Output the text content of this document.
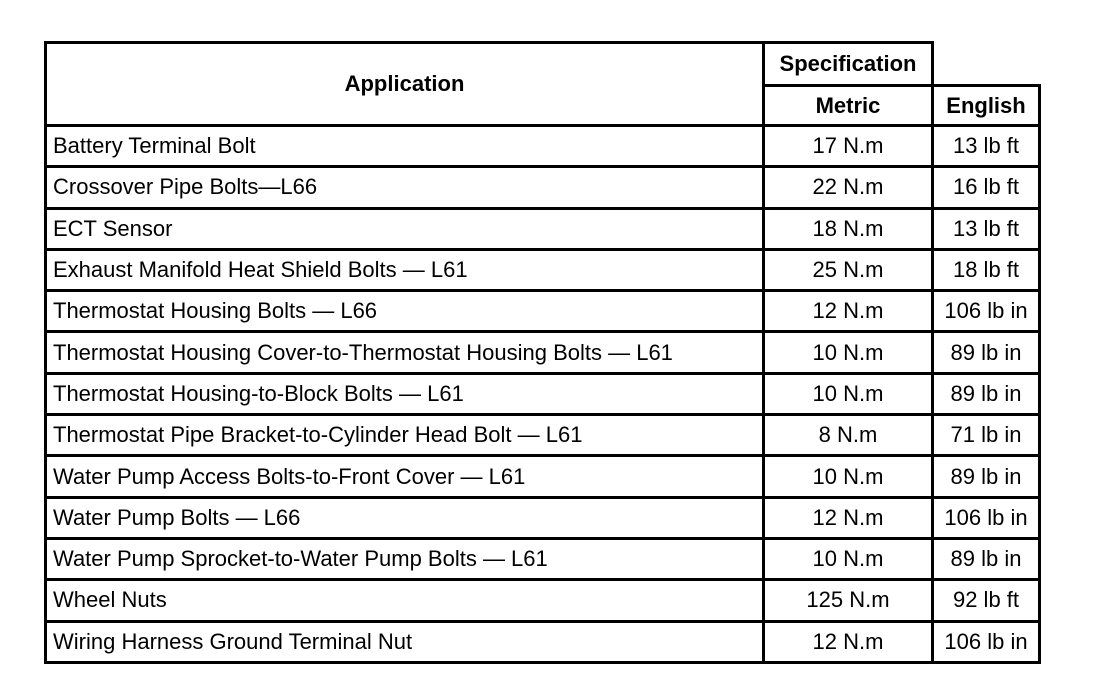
Application	Specification	
	Metric	English
Battery Terminal Bolt	17 N.m	13 lb ft
Crossover Pipe Bolts—L66	22 N.m	16 lb ft
ECT Sensor	18 N.m	13 lb ft
Exhaust Manifold Heat Shield Bolts — L61	25 N.m	18 lb ft
Thermostat Housing Bolts — L66	12 N.m	106 lb in
Thermostat Housing Cover-to-Thermostat Housing Bolts — L61	10 N.m	89 lb in
Thermostat Housing-to-Block Bolts — L61	10 N.m	89 lb in
Thermostat Pipe Bracket-to-Cylinder Head Bolt — L61	8 N.m	71 lb in
Water Pump Access Bolts-to-Front Cover — L61	10 N.m	89 lb in
Water Pump Bolts — L66	12 N.m	106 lb in
Water Pump Sprocket-to-Water Pump Bolts — L61	10 N.m	89 lb in
Wheel Nuts	125 N.m	92 lb ft
Wiring Harness Ground Terminal Nut	12 N.m	106 lb in
